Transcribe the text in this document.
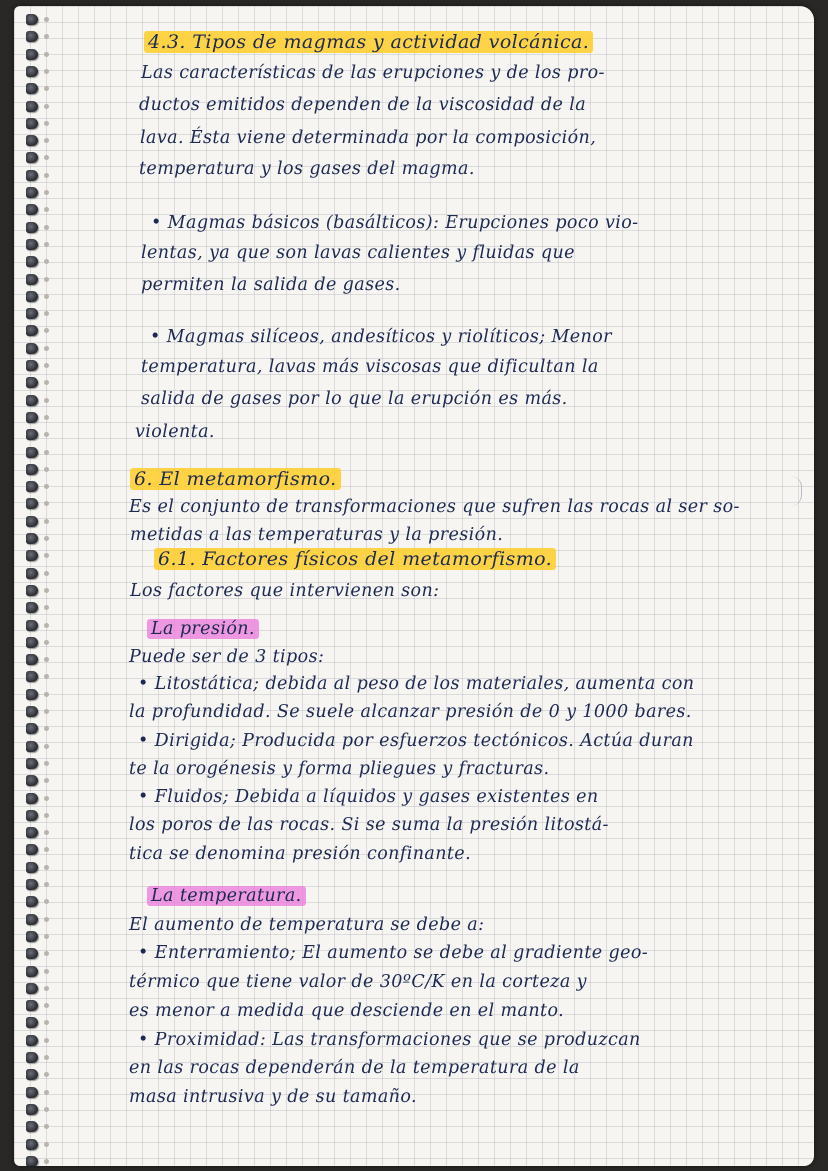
4.3. Tipos de magmas y actividad volcánica.
Las características de las erupciones y de los pro-
ductos emitidos dependen de la viscosidad de la
lava. Ésta viene determinada por la composición,
temperatura y los gases del magma.
• Magmas básicos (basálticos): Erupciones poco vio-
lentas, ya que son lavas calientes y fluidas que
permiten la salida de gases.
• Magmas silíceos, andesíticos y riolíticos; Menor
temperatura, lavas más viscosas que dificultan la
salida de gases por lo que la erupción es más.
violenta.
6. El metamorfismo.
Es el conjunto de transformaciones que sufren las rocas al ser so-
metidas a las temperaturas y la presión.
6.1. Factores físicos del metamorfismo.
Los factores que intervienen son:
La presión.
Puede ser de 3 tipos:
• Litostática; debida al peso de los materiales, aumenta con
la profundidad. Se suele alcanzar presión de 0 y 1000 bares.
• Dirigida; Producida por esfuerzos tectónicos. Actúa duran
te la orogénesis y forma pliegues y fracturas.
• Fluidos; Debida a líquidos y gases existentes en
los poros de las rocas. Si se suma la presión litostá-
tica se denomina presión confinante.
La temperatura.
El aumento de temperatura se debe a:
• Enterramiento; El aumento se debe al gradiente geo-
térmico que tiene valor de 30ºC/K en la corteza y
es menor a medida que desciende en el manto.
• Proximidad: Las transformaciones que se produzcan
en las rocas dependerán de la temperatura de la
masa intrusiva y de su tamaño.
